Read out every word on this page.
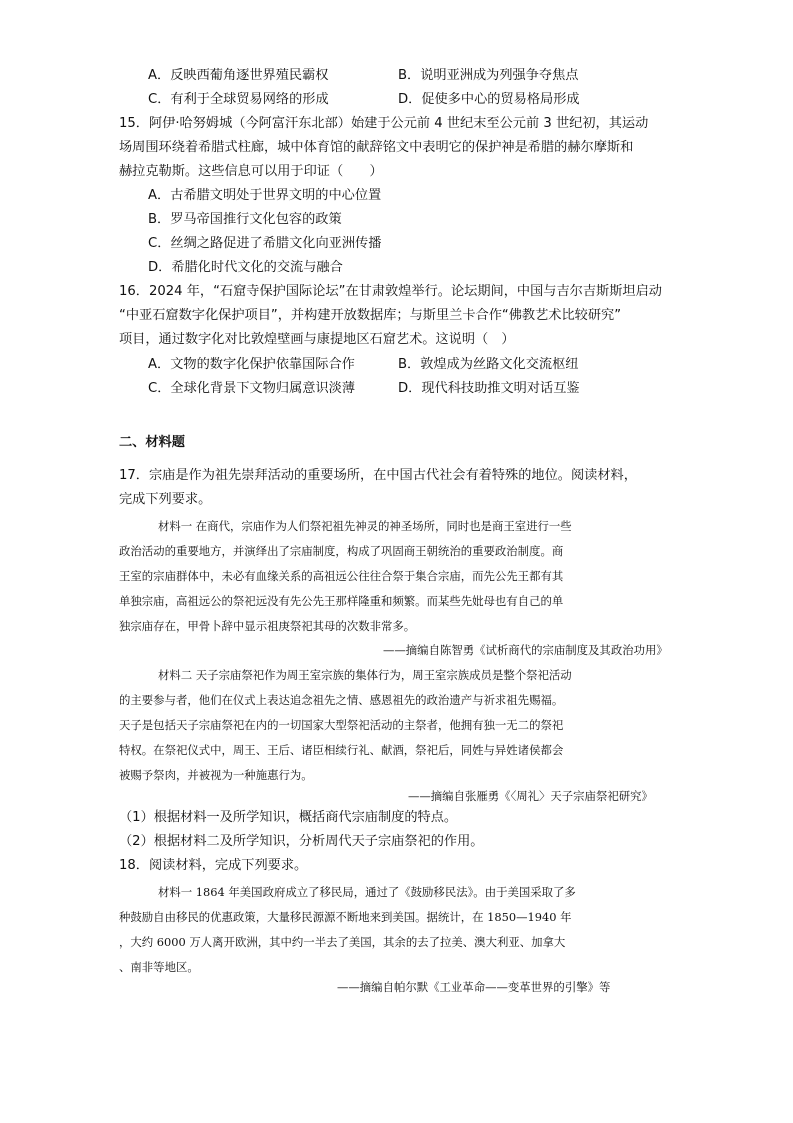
A．反映西葡角逐世界殖民霸权	B．说明亚洲成为列强争夺焦点
C．有利于全球贸易网络的形成	D．促使多中心的贸易格局形成
15．阿伊·哈努姆城（今阿富汗东北部）始建于公元前 4 世纪末至公元前 3 世纪初，其运动
场周围环绕着希腊式柱廊，城中体育馆的献辞铭文中表明它的保护神是希腊的赫尔摩斯和
赫拉克勒斯。这些信息可以用于印证（　　）
A．古希腊文明处于世界文明的中心位置
B．罗马帝国推行文化包容的政策
C．丝绸之路促进了希腊文化向亚洲传播
D．希腊化时代文化的交流与融合
16．2024 年，“石窟寺保护国际论坛”在甘肃敦煌举行。论坛期间，中国与吉尔吉斯斯坦启动
“中亚石窟数字化保护项目”，并构建开放数据库；与斯里兰卡合作“佛教艺术比较研究”
项目，通过数字化对比敦煌壁画与康提地区石窟艺术。这说明（　）
A．文物的数字化保护依靠国际合作	B．敦煌成为丝路文化交流枢纽
C．全球化背景下文物归属意识淡薄	D．现代科技助推文明对话互鉴
二、材料题
17．宗庙是作为祖先崇拜活动的重要场所，在中国古代社会有着特殊的地位。阅读材料，
完成下列要求。
材料一 在商代，宗庙作为人们祭祀祖先神灵的神圣场所，同时也是商王室进行一些
政治活动的重要地方，并演绎出了宗庙制度，构成了巩固商王朝统治的重要政治制度。商
王室的宗庙群体中，未必有血缘关系的高祖远公往往合祭于集合宗庙，而先公先王都有其
单独宗庙，高祖远公的祭祀远没有先公先王那样隆重和频繁。而某些先妣母也有自己的单
独宗庙存在，甲骨卜辞中显示祖庚祭祀其母的次数非常多。
——摘编自陈智勇《试析商代的宗庙制度及其政治功用》
材料二 天子宗庙祭祀作为周王室宗族的集体行为，周王室宗族成员是整个祭祀活动
的主要参与者，他们在仪式上表达追念祖先之情、感恩祖先的政治遗产与祈求祖先赐福。
天子是包括天子宗庙祭祀在内的一切国家大型祭祀活动的主祭者，他拥有独一无二的祭祀
特权。在祭祀仪式中，周王、王后、诸臣相续行礼、献酒，祭祀后，同姓与异姓诸侯都会
被赐予祭肉，并被视为一种施惠行为。
——摘编自张雁勇《〈周礼〉天子宗庙祭祀研究》
（1）根据材料一及所学知识，概括商代宗庙制度的特点。
（2）根据材料二及所学知识，分析周代天子宗庙祭祀的作用。
18．阅读材料，完成下列要求。
材料一 1864 年美国政府成立了移民局，通过了《鼓励移民法》。由于美国采取了多
种鼓励自由移民的优惠政策，大量移民源源不断地来到美国。据统计，在 1850—1940 年
，大约 6000 万人离开欧洲，其中约一半去了美国，其余的去了拉美、澳大利亚、加拿大
、南非等地区。
——摘编自帕尔默《工业革命——变革世界的引擎》等
